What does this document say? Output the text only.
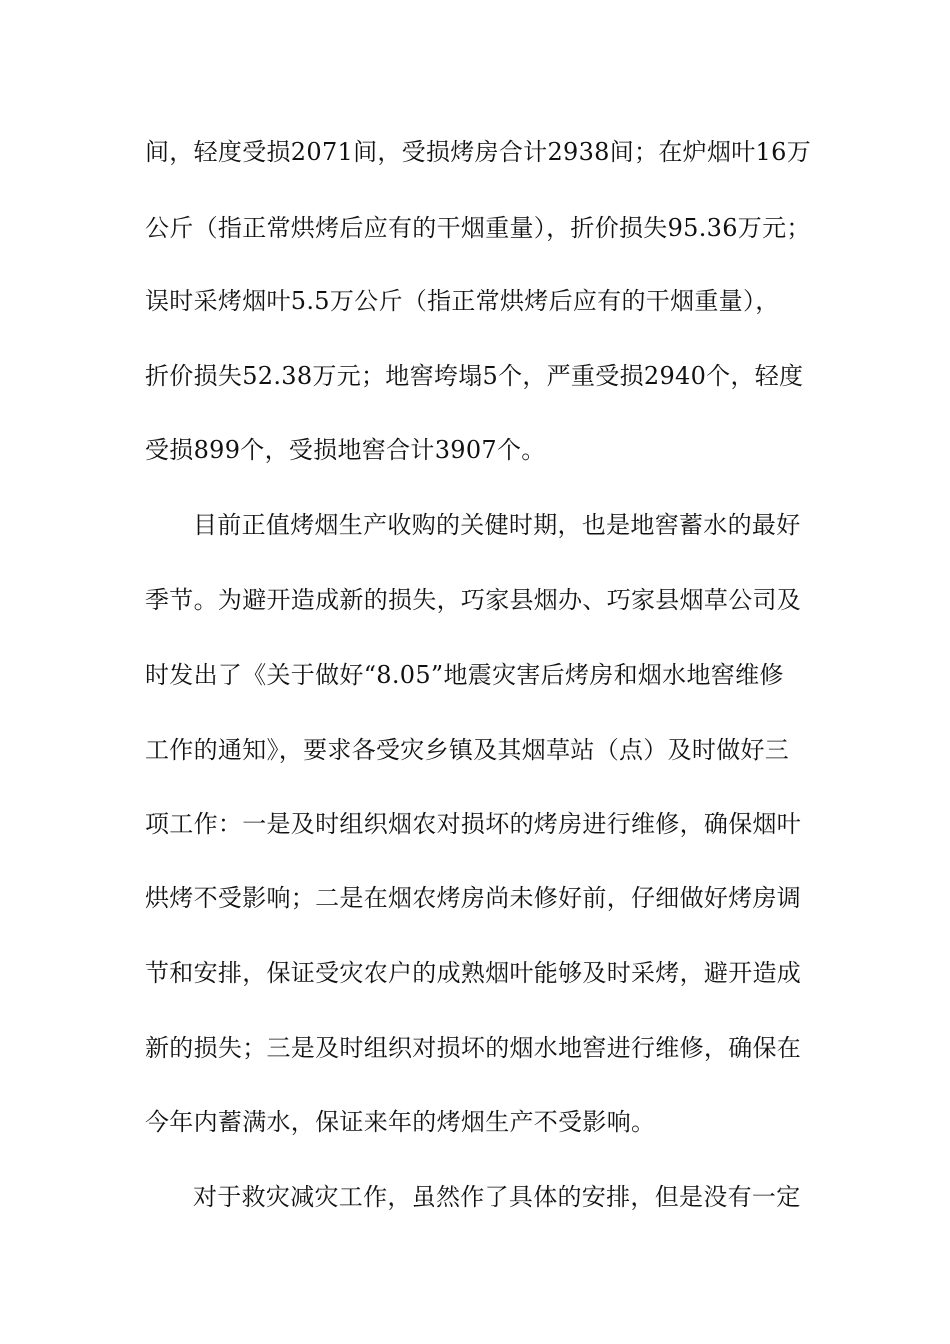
间，轻度受损2071间，受损烤房合计2938间；在炉烟叶16万
公斤（指正常烘烤后应有的干烟重量），折价损失95.36万元；
误时采烤烟叶5.5万公斤（指正常烘烤后应有的干烟重量），
折价损失52.38万元；地窖垮塌5个，严重受损2940个，轻度
受损899个，受损地窖合计3907个。
目前正值烤烟生产收购的关健时期，也是地窖蓄水的最好
季节。为避开造成新的损失，巧家县烟办、巧家县烟草公司及
时发出了《关于做好“8.05”地震灾害后烤房和烟水地窖维修
工作的通知》，要求各受灾乡镇及其烟草站（点）及时做好三
项工作：一是及时组织烟农对损坏的烤房进行维修，确保烟叶
烘烤不受影响；二是在烟农烤房尚未修好前，仔细做好烤房调
节和安排，保证受灾农户的成熟烟叶能够及时采烤，避开造成
新的损失；三是及时组织对损坏的烟水地窖进行维修，确保在
今年内蓄满水，保证来年的烤烟生产不受影响。
对于救灾减灾工作，虽然作了具体的安排，但是没有一定
